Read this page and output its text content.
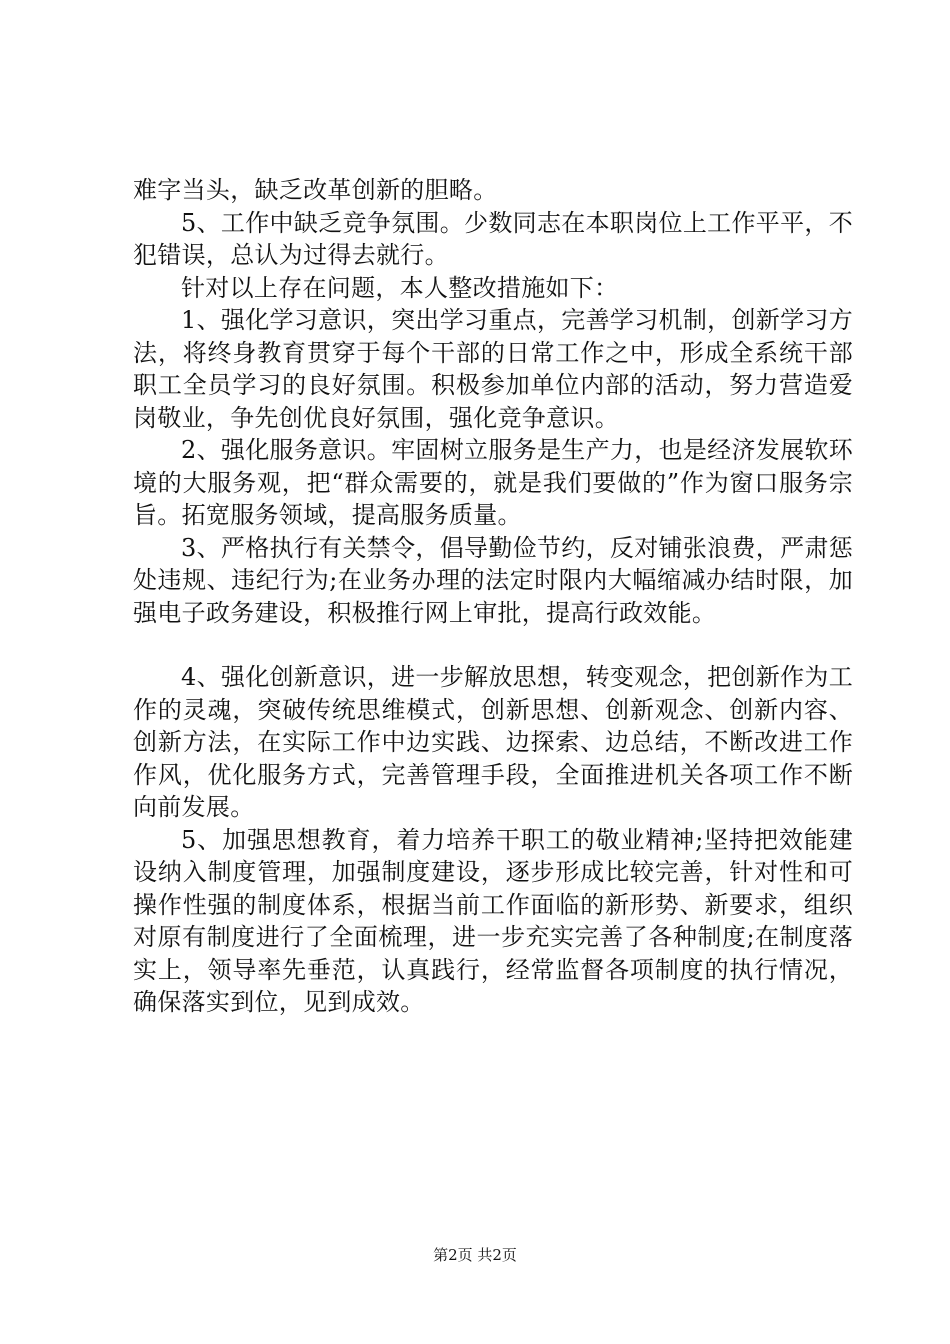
难字当头，缺乏改革创新的胆略。

5、工作中缺乏竞争氛围。少数同志在本职岗位上工作平平，不犯错误，总认为过得去就行。

针对以上存在问题，本人整改措施如下：

1、强化学习意识，突出学习重点，完善学习机制，创新学习方法，将终身教育贯穿于每个干部的日常工作之中，形成全系统干部职工全员学习的良好氛围。积极参加单位内部的活动，努力营造爱岗敬业，争先创优良好氛围，强化竞争意识。

2、强化服务意识。牢固树立服务是生产力，也是经济发展软环境的大服务观，把“群众需要的，就是我们要做的”作为窗口服务宗旨。拓宽服务领域，提高服务质量。

3、严格执行有关禁令，倡导勤俭节约，反对铺张浪费，严肃惩处违规、违纪行为;在业务办理的法定时限内大幅缩减办结时限，加强电子政务建设，积极推行网上审批，提高行政效能。

4、强化创新意识，进一步解放思想，转变观念，把创新作为工作的灵魂，突破传统思维模式，创新思想、创新观念、创新内容、创新方法，在实际工作中边实践、边探索、边总结，不断改进工作作风，优化服务方式，完善管理手段，全面推进机关各项工作不断向前发展。

5、加强思想教育，着力培养干职工的敬业精神;坚持把效能建设纳入制度管理，加强制度建设，逐步形成比较完善，针对性和可操作性强的制度体系，根据当前工作面临的新形势、新要求，组织对原有制度进行了全面梳理，进一步充实完善了各种制度;在制度落实上，领导率先垂范，认真践行，经常监督各项制度的执行情况，确保落实到位，见到成效。

第2页 共2页
